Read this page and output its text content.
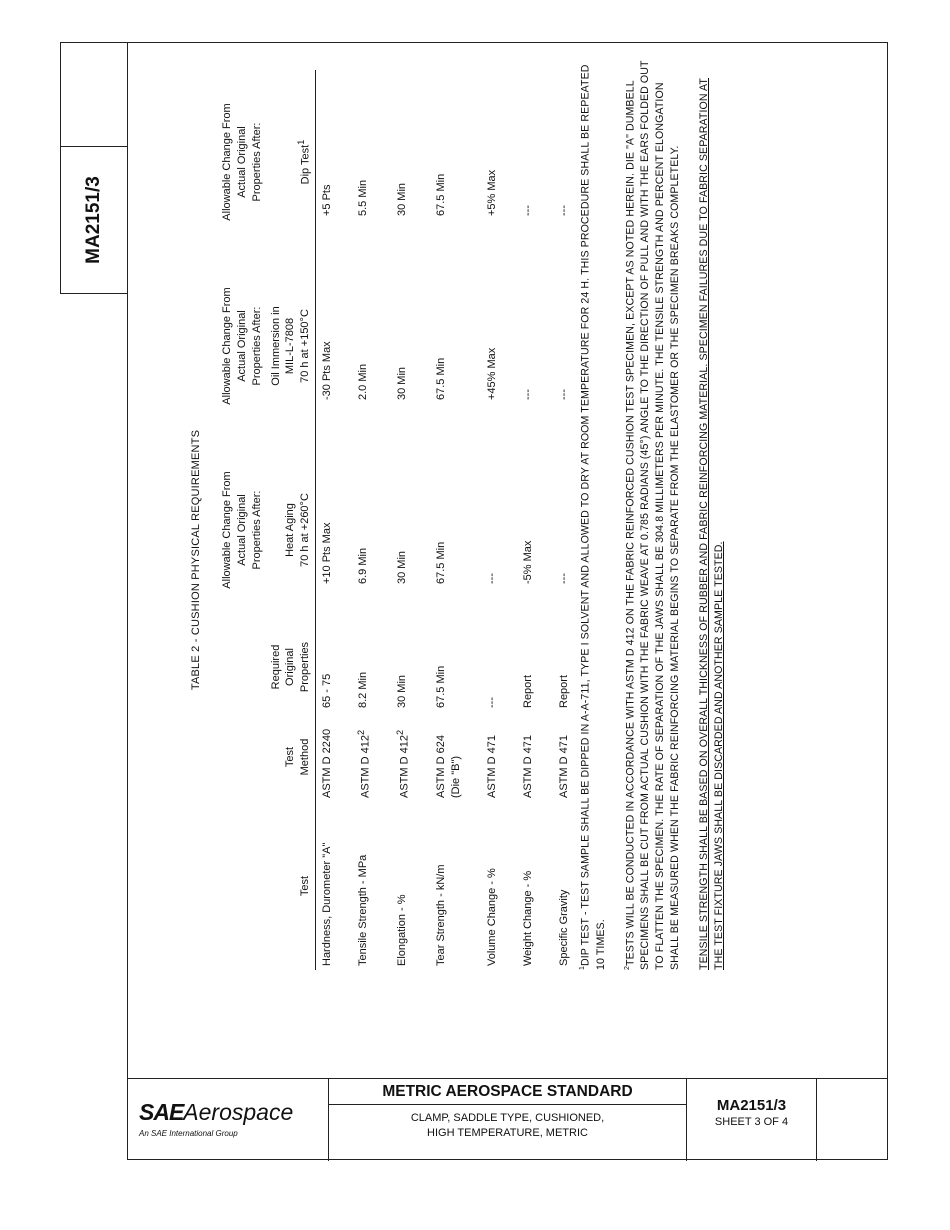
MA2151/3
TABLE 2 - CUSHION PHYSICAL REQUIREMENTS
			Allowable Change From Actual Original Properties After:	Allowable Change From Actual Original Properties After:	Allowable Change From Actual Original Properties After:
Test	Test Method	Required Original Properties	Heat Aging 70 h at +260°C	Oil Immersion in MIL-L-7808 70 h at +150°C	Dip Test$^1$
Hardness, Durometer "A"	ASTM D 2240	65 - 75	+10 Pts Max	-30 Pts Max	+5 Pts
Tensile Strength - MPa	ASTM D $412^2$	8.2 Min	6.9 Min	2.0 Min	5.5 Min
Elongation - %	ASTM D $412^2$	30 Min	30 Min	30 Min	30 Min
Tear Strength - kN/m	ASTM D 624 (Die "B")	67.5 Min	67.5 Min	67.5 Min	67.5 Min
Volume Change - %	ASTM D 471	---	---	+45% Max	+5% Max
Weight Change - %	ASTM D 471	Report	-5% Max	---	---
Specific Gravity	ASTM D 471	Report	---	---	---

$^1$DIP TEST - TEST SAMPLE SHALL BE DIPPED IN A-A-711, TYPE I SOLVENT AND ALLOWED TO DRY AT ROOM TEMPERATURE FOR 24 H. THIS PROCEDURE SHALL BE REPEATED 10 TIMES. $^2$TESTS WILL BE CONDUCTED IN ACCORDANCE WITH ASTM D 412 ON THE FABRIC REINFORCED CUSHION TEST SPECIMEN, EXCEPT AS NOTED HEREIN. DIE "A" DUMBELL SPECIMENS SHALL BE CUT FROM ACTUAL CUSHION WITH THE FABRIC WEAVE AT 0.785 RADIANS (45°) ANGLE TO THE DIRECTION OF PULL AND WITH THE EARS FOLDED OUT TO FLATTEN THE SPECIMEN. THE RATE OF SEPARATION OF THE JAWS SHALL BE 304.8 MILLIMETERS PER MINUTE. THE TENSILE STRENGTH AND PERCENT ELONGATION SHALL BE MEASURED WHEN THE FABRIC REINFORCING MATERIAL BEGINS TO SEPARATE FROM THE ELASTOMER OR THE SPECIMEN BREAKS COMPLETELY. TENSILE STRENGTH SHALL BE BASED ON OVERALL THICKNESS OF RUBBER AND FABRIC REINFORCING MATERIAL. SPECIMEN FAILURES DUE TO FABRIC SEPARATION AT THE TEST FIXTURE JAWS SHALL BE DISCARDED AND ANOTHER SAMPLE TESTED.

SAEAerospace
An SAE International Group
METRIC AEROSPACE STANDARD
CLAMP, SADDLE TYPE, CUSHIONED,
HIGH TEMPERATURE, METRIC
MA2151/3
SHEET 3 OF 4
